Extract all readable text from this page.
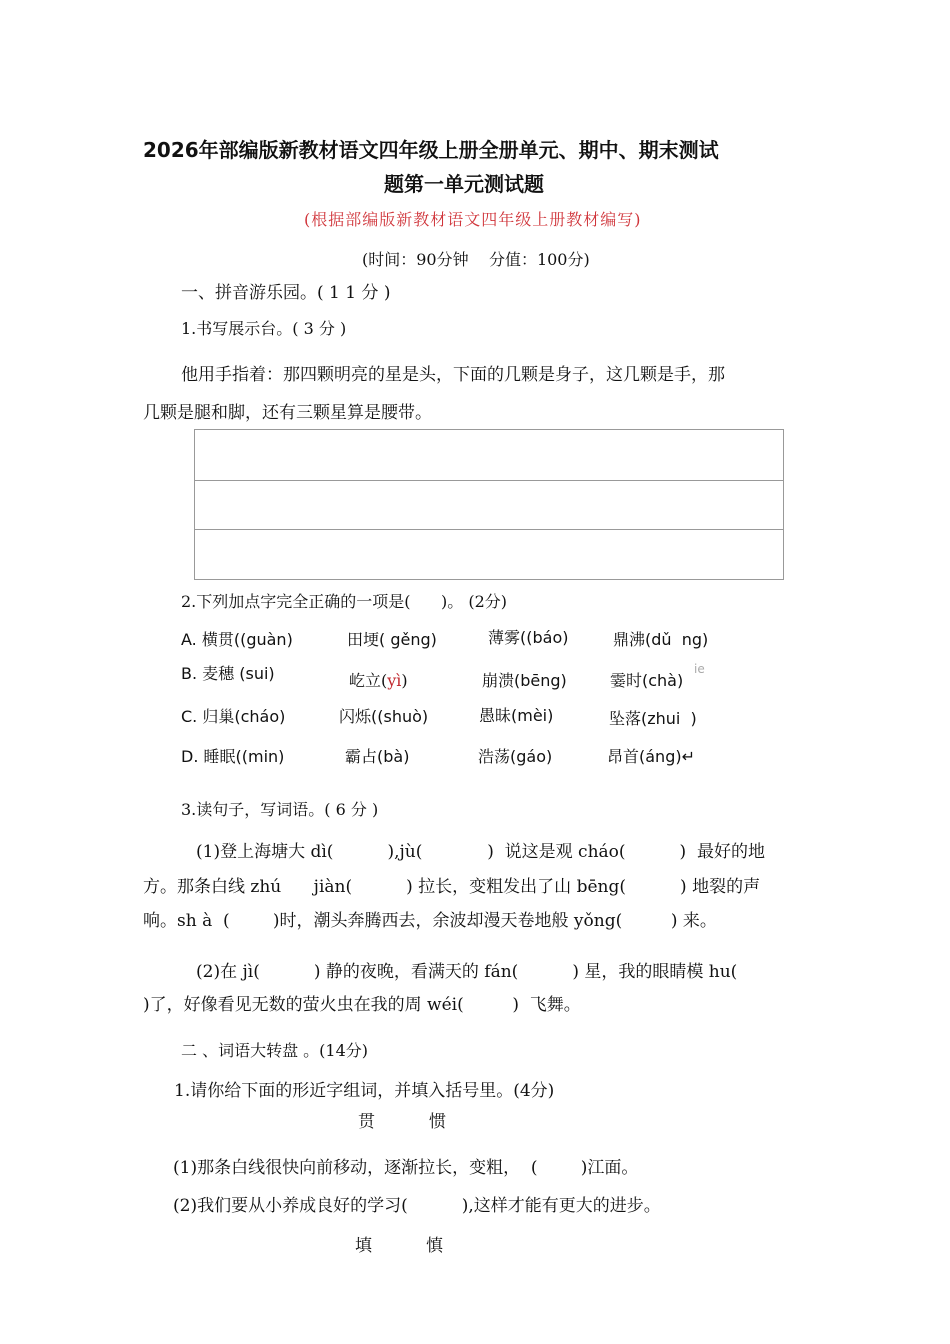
2026年部编版新教材语文四年级上册全册单元、期中、期末测试
题第一单元测试题
(根据部编版新教材语文四年级上册教材编写)
(时间：90分钟    分值：100分)
一、拼音游乐园。( 1 1 分 )
1.书写展示台。( 3 分 )
他用手指着：那四颗明亮的星是头，下面的几颗是身子，这几颗是手，那
几颗是腿和脚，还有三颗星算是腰带。
2.下列加点字完全正确的一项是(      )。 (2分)
A. 横贯((guàn)	田埂( gěng)	薄雾((báo)	鼎沸(dǔ  ng)
B. 麦穗 (sui)	屹立(yì)	崩溃(bēng)	霎时(chà)
ie
C. 归巢(cháo)	闪烁((shuò)	愚昧(mèi)	坠落(zhui  )
D. 睡眠((min)	霸占(bà)	浩荡(gáo)	昂首(áng)↵
3.读句子，写词语。( 6 分 )
(1)登上海塘大 dì(          ),jù(            )  说这是观 cháo(          )  最好的地
方。那条白线 zhú      jiàn(          ) 拉长，变粗发出了山 bēng(          ) 地裂的声
响。sh à  (        )时，潮头奔腾西去，余波却漫天卷地般 yǒng(         ) 来。
(2)在 jì(          ) 静的夜晚，看满天的 fán(          ) 星，我的眼睛模 hu(
)了，好像看见无数的萤火虫在我的周 wéi(         )  飞舞。
二 、词语大转盘 。(14分)
1.请你给下面的形近字组词，并填入括号里。(4分)
贯          惯
(1)那条白线很快向前移动，逐渐拉长，变粗，  (        )江面。
(2)我们要从小养成良好的学习(          ),这样才能有更大的进步。
填          慎
